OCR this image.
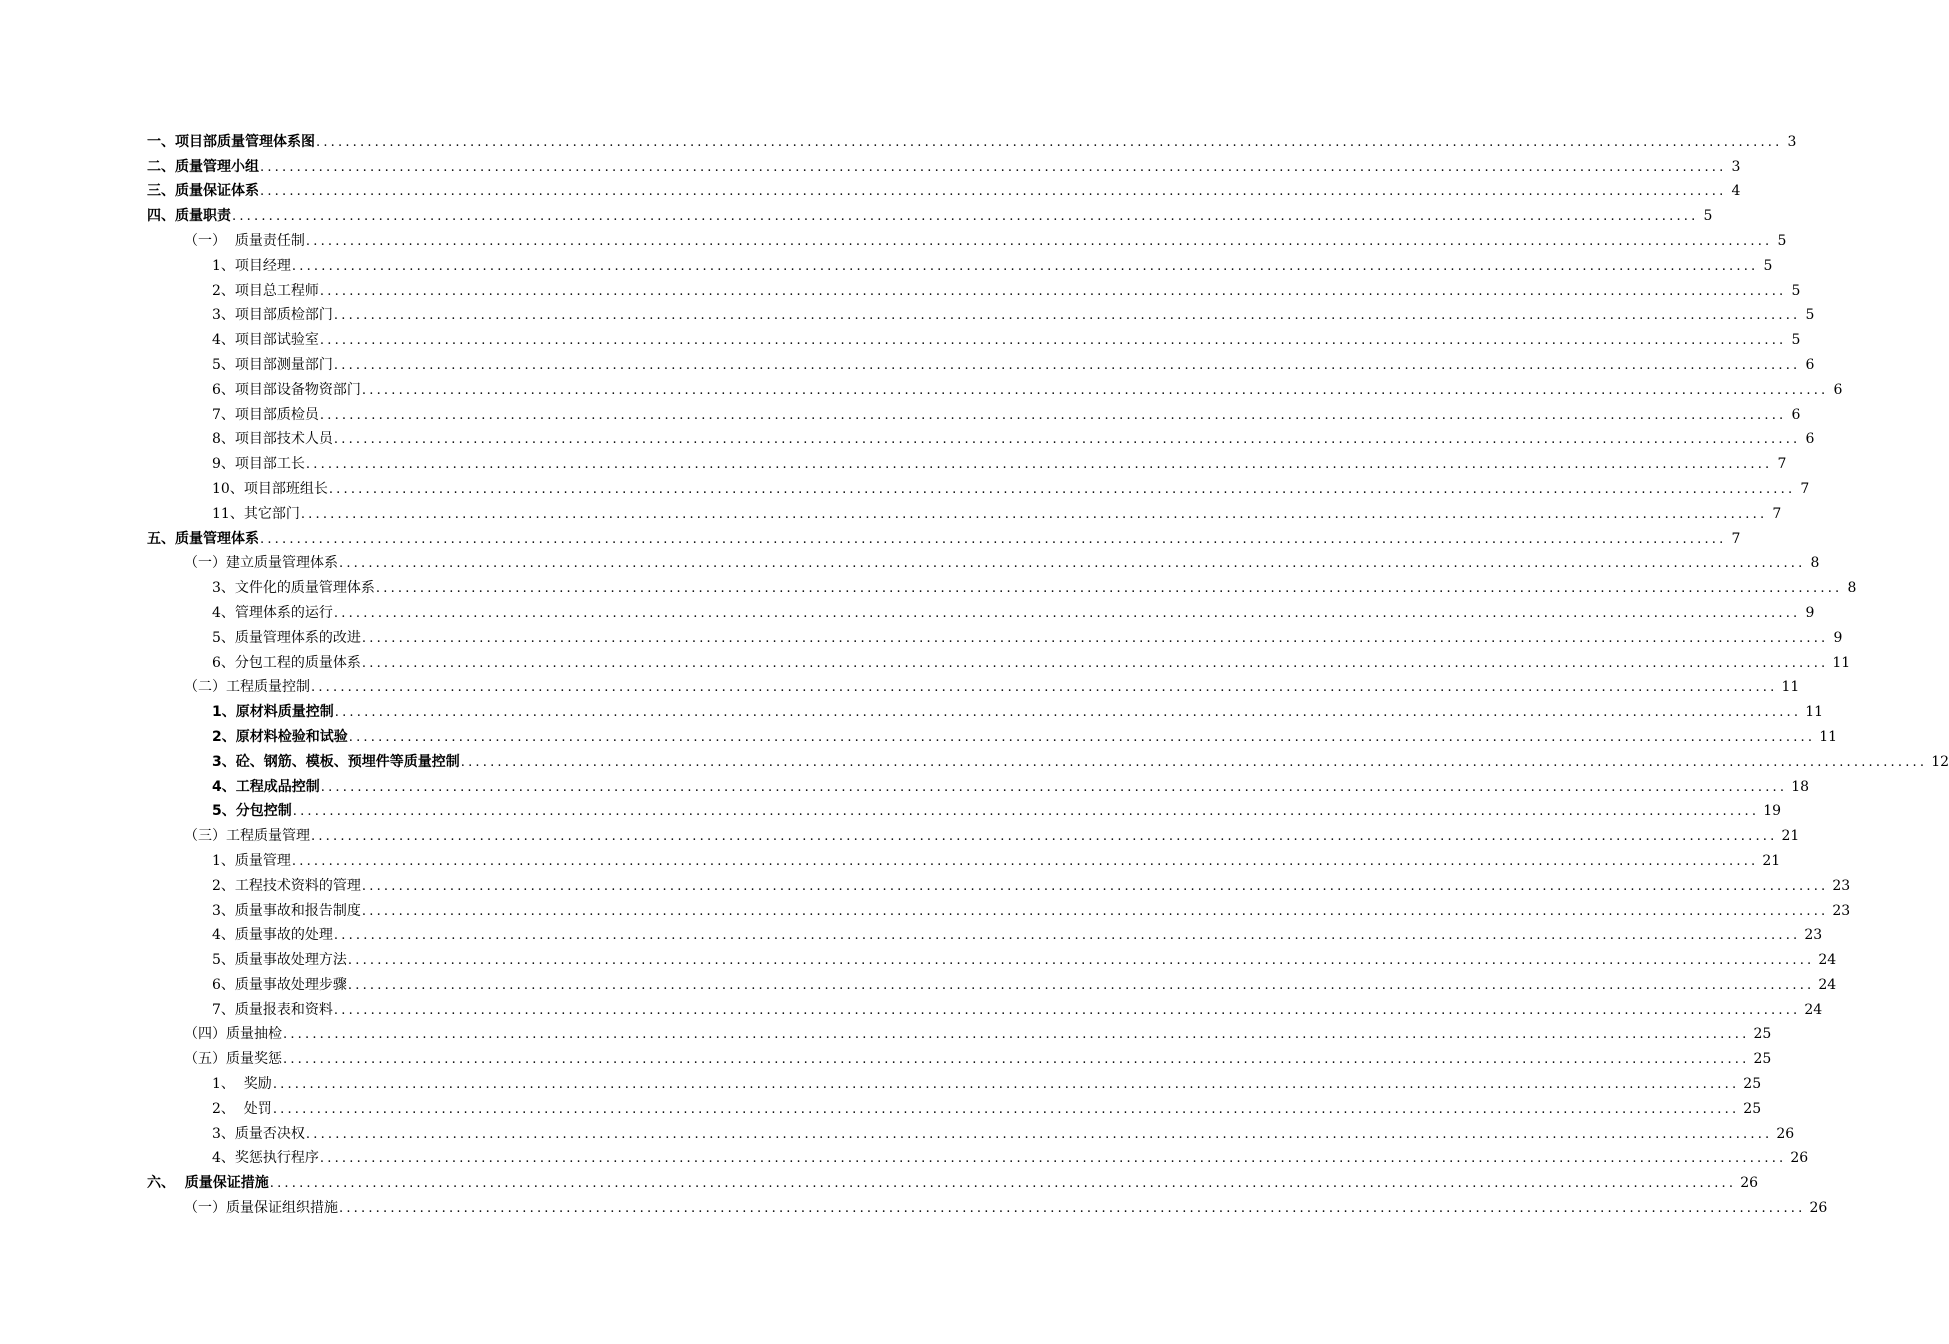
一、项目部质量管理体系图 ........................................................................................................................................................................................................ 3
二、质量管理小组 ........................................................................................................................................................................................................ 3
三、质量保证体系 ........................................................................................................................................................................................................ 4
四、质量职责 ........................................................................................................................................................................................................ 5
（一）  质量责任制 ........................................................................................................................................................................................................ 5
1、项目经理 ........................................................................................................................................................................................................ 5
2、项目总工程师 ........................................................................................................................................................................................................ 5
3、项目部质检部门 ........................................................................................................................................................................................................ 5
4、项目部试验室 ........................................................................................................................................................................................................ 5
5、项目部测量部门 ........................................................................................................................................................................................................ 6
6、项目部设备物资部门 ........................................................................................................................................................................................................ 6
7、项目部质检员 ........................................................................................................................................................................................................ 6
8、项目部技术人员 ........................................................................................................................................................................................................ 6
9、项目部工长 ........................................................................................................................................................................................................ 7
10、项目部班组长 ........................................................................................................................................................................................................ 7
11、其它部门 ........................................................................................................................................................................................................ 7
五、质量管理体系 ........................................................................................................................................................................................................ 7
（一）建立质量管理体系 ........................................................................................................................................................................................................ 8
3、文件化的质量管理体系 ........................................................................................................................................................................................................ 8
4、管理体系的运行 ........................................................................................................................................................................................................ 9
5、质量管理体系的改进 ........................................................................................................................................................................................................ 9
6、分包工程的质量体系 ........................................................................................................................................................................................................ 11
（二）工程质量控制 ........................................................................................................................................................................................................ 11
1、原材料质量控制 ........................................................................................................................................................................................................ 11
2、原材料检验和试验 ........................................................................................................................................................................................................ 11
3、砼、钢筋、模板、预埋件等质量控制 ........................................................................................................................................................................................................ 12
4、工程成品控制 ........................................................................................................................................................................................................ 18
5、分包控制 ........................................................................................................................................................................................................ 19
（三）工程质量管理 ........................................................................................................................................................................................................ 21
1、质量管理 ........................................................................................................................................................................................................ 21
2、工程技术资料的管理 ........................................................................................................................................................................................................ 23
3、质量事故和报告制度 ........................................................................................................................................................................................................ 23
4、质量事故的处理 ........................................................................................................................................................................................................ 23
5、质量事故处理方法 ........................................................................................................................................................................................................ 24
6、质量事故处理步骤 ........................................................................................................................................................................................................ 24
7、质量报表和资料 ........................................................................................................................................................................................................ 24
（四）质量抽检 ........................................................................................................................................................................................................ 25
（五）质量奖惩 ........................................................................................................................................................................................................ 25
1、  奖励 ........................................................................................................................................................................................................ 25
2、  处罚 ........................................................................................................................................................................................................ 25
3、质量否决权 ........................................................................................................................................................................................................ 26
4、奖惩执行程序 ........................................................................................................................................................................................................ 26
六、  质量保证措施 ........................................................................................................................................................................................................ 26
（一）质量保证组织措施 ........................................................................................................................................................................................................ 26
